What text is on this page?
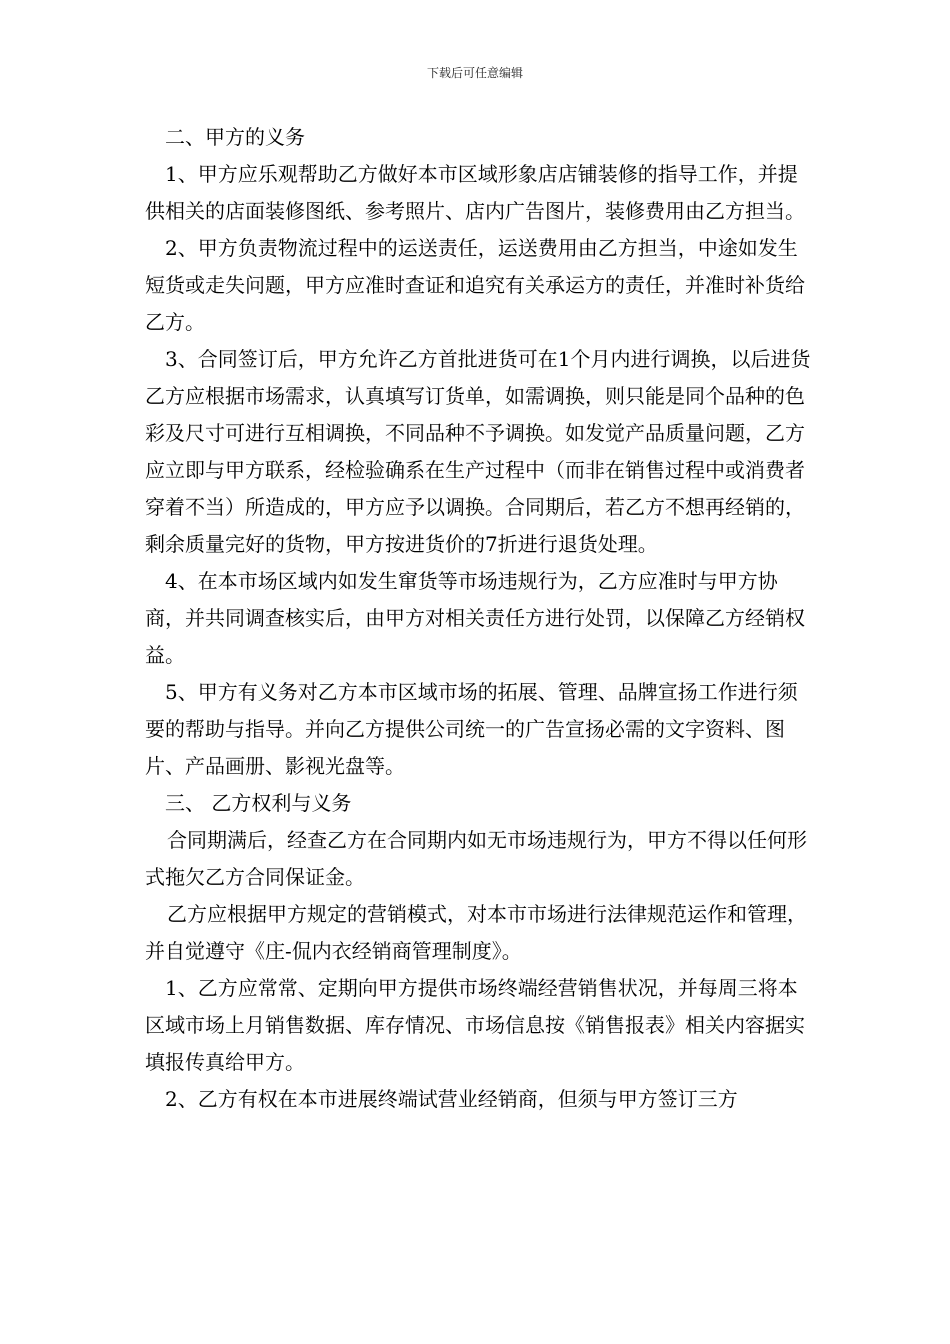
下载后可任意编辑

二、甲方的义务

1、甲方应乐观帮助乙方做好本市区域形象店店铺装修的指导工作，并提供相关的店面装修图纸、参考照片、店内广告图片，装修费用由乙方担当。

2、甲方负责物流过程中的运送责任，运送费用由乙方担当，中途如发生短货或走失问题，甲方应准时查证和追究有关承运方的责任，并准时补货给乙方。

3、合同签订后，甲方允许乙方首批进货可在1个月内进行调换，以后进货乙方应根据市场需求，认真填写订货单，如需调换，则只能是同个品种的色彩及尺寸可进行互相调换，不同品种不予调换。如发觉产品质量问题，乙方应立即与甲方联系，经检验确系在生产过程中（而非在销售过程中或消费者穿着不当）所造成的，甲方应予以调换。合同期后，若乙方不想再经销的，剩余质量完好的货物，甲方按进货价的7折进行退货处理。

4、在本市场区域内如发生窜货等市场违规行为，乙方应准时与甲方协商，并共同调查核实后，由甲方对相关责任方进行处罚，以保障乙方经销权益。

5、甲方有义务对乙方本市区域市场的拓展、管理、品牌宣扬工作进行须要的帮助与指导。并向乙方提供公司统一的广告宣扬必需的文字资料、图片、产品画册、影视光盘等。

三、 乙方权利与义务

合同期满后，经查乙方在合同期内如无市场违规行为，甲方不得以任何形式拖欠乙方合同保证金。

乙方应根据甲方规定的营销模式，对本市市场进行法律规范运作和管理，并自觉遵守《庄-侃内衣经销商管理制度》。

1、乙方应常常、定期向甲方提供市场终端经营销售状况，并每周三将本区域市场上月销售数据、库存情况、市场信息按《销售报表》相关内容据实填报传真给甲方。

2、乙方有权在本市进展终端试营业经销商，但须与甲方签订三方
